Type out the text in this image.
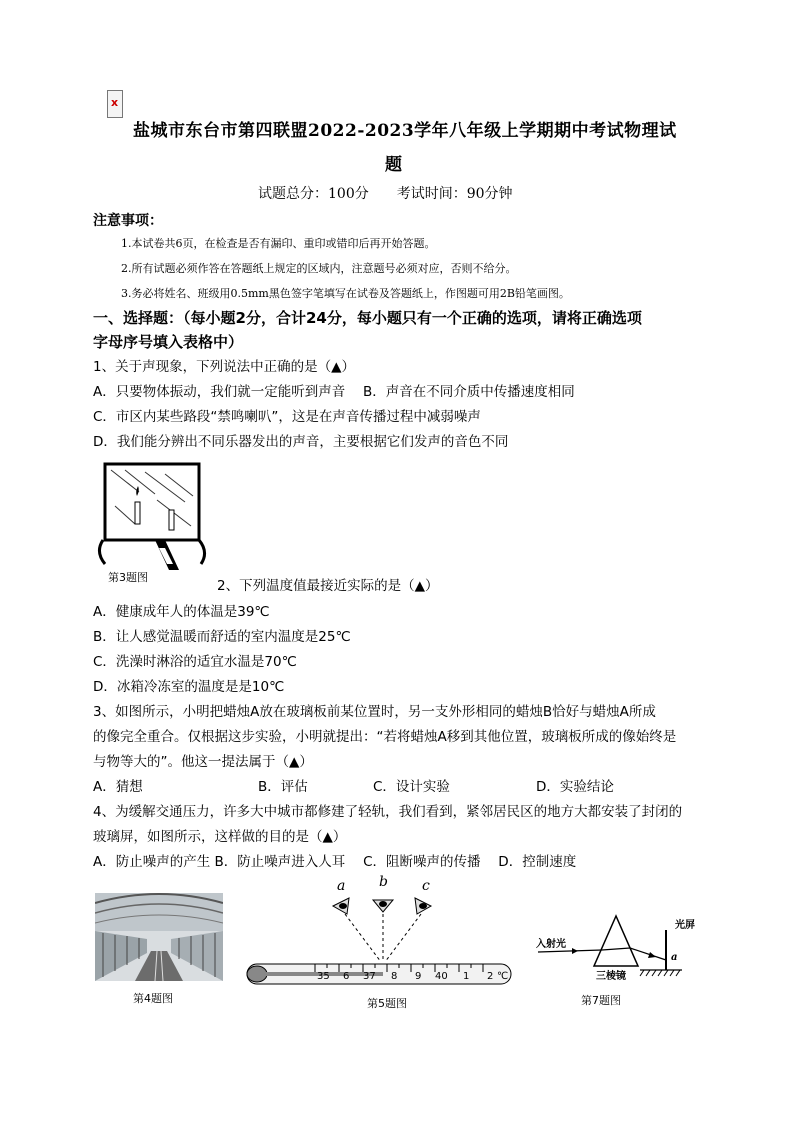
x
盐城市东台市第四联盟2022-2023学年八年级上学期期中考试物理试
题
试题总分：100分　　考试时间：90分钟
注意事项：
1.本试卷共6页，在检查是否有漏印、重印或错印后再开始答题。
2.所有试题必须作答在答题纸上规定的区域内，注意题号必须对应，否则不给分。
3.务必将姓名、班级用0.5mm黑色签字笔填写在试卷及答题纸上，作图题可用2B铅笔画图。
一、选择题：（每小题2分，合计24分，每小题只有一个正确的选项，请将正确选项
字母序号填入表格中）
1、关于声现象，下列说法中正确的是（▲）
A．只要物体振动，我们就一定能听到声音　 B．声音在不同介质中传播速度相同
C．市区内某些路段“禁鸣喇叭”，这是在声音传播过程中减弱噪声
D．我们能分辨出不同乐器发出的声音，主要根据它们发声的音色不同
第3题图
2、下列温度值最接近实际的是（▲）
A．健康成年人的体温是39℃
B．让人感觉温暖而舒适的室内温度是25℃
C．洗澡时淋浴的适宜水温是70℃
D．冰箱冷冻室的温度是是10℃
3、如图所示，小明把蜡烛A放在玻璃板前某位置时，另一支外形相同的蜡烛B恰好与蜡烛A所成
的像完全重合。仅根据这步实验，小明就提出：“若将蜡烛A移到其他位置，玻璃板所成的像始终是
与物等大的”。他这一提法属于（▲）
A．猜想	B．评估	C．设计实验	D．实验结论
4、为缓解交通压力，许多大中城市都修建了轻轨，我们看到，紧邻居民区的地方大都安装了封闭的
玻璃屏，如图所示，这样做的目的是（▲）
A．防止噪声的产生 B．防止噪声进入人耳　 C．阻断噪声的传播　 D．控制速度
第4题图
a b c
35 6 37 8 9 40 1 2 ℃
第5题图
入射光
三棱镜
光屏
a
第7题图
